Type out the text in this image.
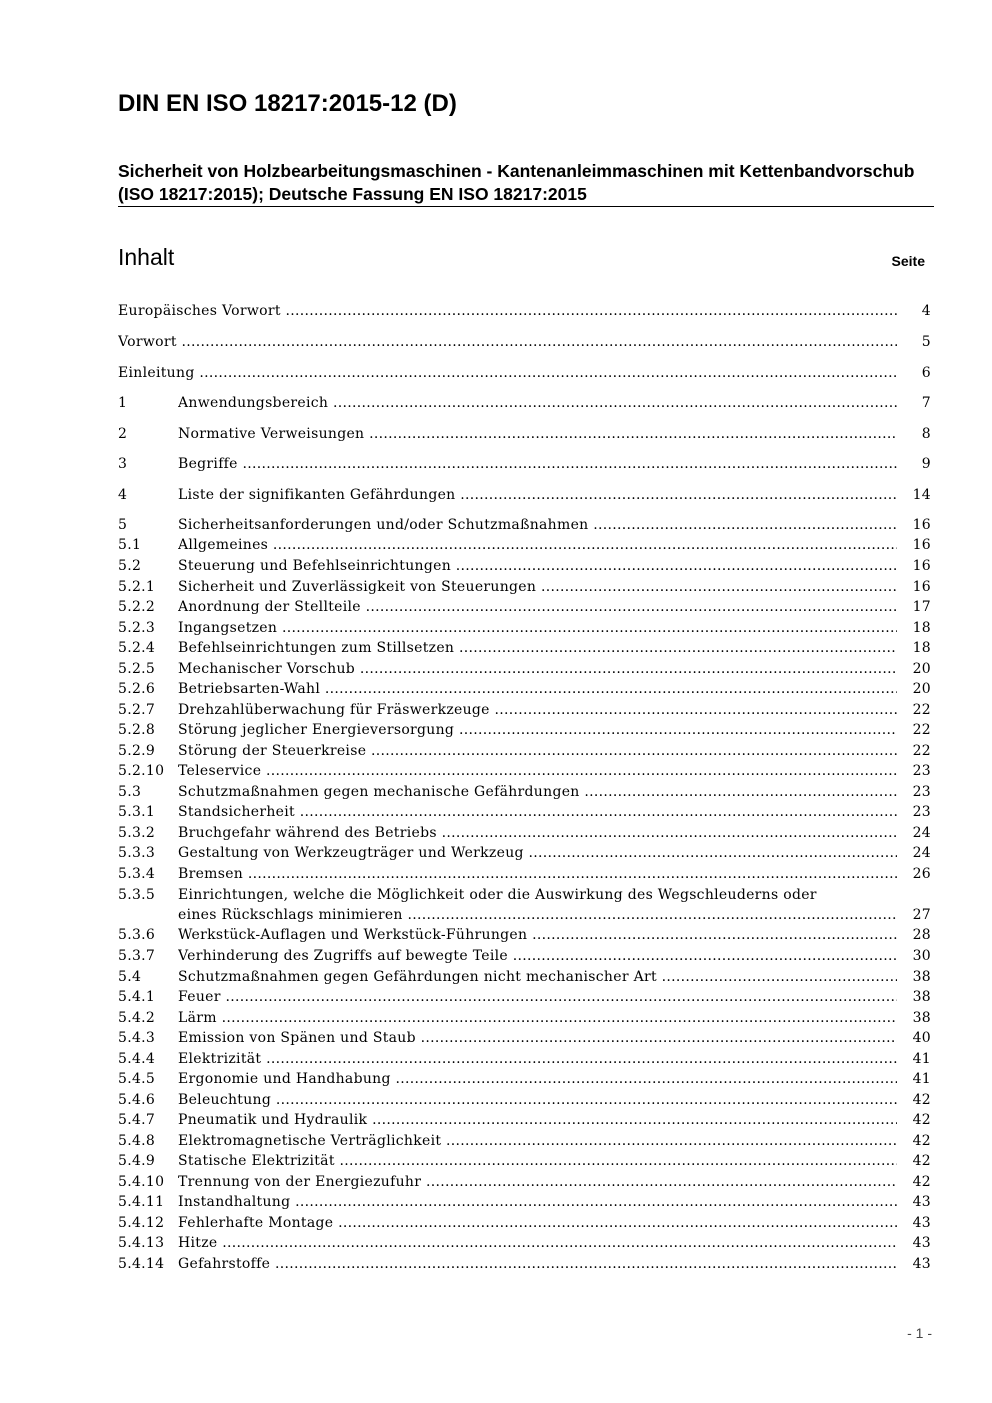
DIN EN ISO 18217:2015-12 (D)
Sicherheit von Holzbearbeitungsmaschinen - Kantenanleimmaschinen mit Kettenbandvorschub (ISO 18217:2015); Deutsche Fassung EN ISO 18217:2015
Inhalt	Seite
Europäisches Vorwort .....	4
Vorwort .....	5
Einleitung .....	6
1	Anwendungsbereich .....	7
2	Normative Verweisungen .....	8
3	Begriffe .....	9
4	Liste der signifikanten Gefährdungen .....	14
5	Sicherheitsanforderungen und/oder Schutzmaßnahmen .....	16
5.1	Allgemeines .....	16
5.2	Steuerung und Befehlseinrichtungen .....	16
5.2.1 Sicherheit und Zuverlässigkeit von Steuerungen .....	16
5.2.2 Anordnung der Stellteile .....	17
5.2.3 Ingangsetzen .....	18
5.2.4 Befehlseinrichtungen zum Stillsetzen .....	18
5.2.5 Mechanischer Vorschub .....	20
5.2.6 Betriebsarten-Wahl .....	20
5.2.7 Drehzahlüberwachung für Fräswerkzeuge .....	22
5.2.8 Störung jeglicher Energieversorgung .....	22
5.2.9 Störung der Steuerkreise .....	22
5.2.10 Teleservice .....	23
5.3	Schutzmaßnahmen gegen mechanische Gefährdungen .....	23
5.3.1 Standsicherheit .....	23
5.3.2 Bruchgefahr während des Betriebs .....	24
5.3.3 Gestaltung von Werkzeugträger und Werkzeug .....	24
5.3.4 Bremsen .....	26
5.3.5 Einrichtungen, welche die Möglichkeit oder die Auswirkung des Wegschleuderns oder
eines Rückschlags minimieren .....	27
5.3.6 Werkstück-Auflagen und Werkstück-Führungen .....	28
5.3.7 Verhinderung des Zugriffs auf bewegte Teile .....	30
5.4	Schutzmaßnahmen gegen Gefährdungen nicht mechanischer Art .....	38
5.4.1 Feuer .....	38
5.4.2 Lärm .....	38
5.4.3 Emission von Spänen und Staub .....	40
5.4.4 Elektrizität .....	41
5.4.5 Ergonomie und Handhabung .....	41
5.4.6 Beleuchtung .....	42
5.4.7 Pneumatik und Hydraulik .....	42
5.4.8 Elektromagnetische Verträglichkeit .....	42
5.4.9 Statische Elektrizität .....	42
5.4.10 Trennung von der Energiezufuhr .....	42
5.4.11 Instandhaltung .....	43
5.4.12 Fehlerhafte Montage .....	43
5.4.13 Hitze .....	43
5.4.14 Gefahrstoffe .....	43
- 1 -
